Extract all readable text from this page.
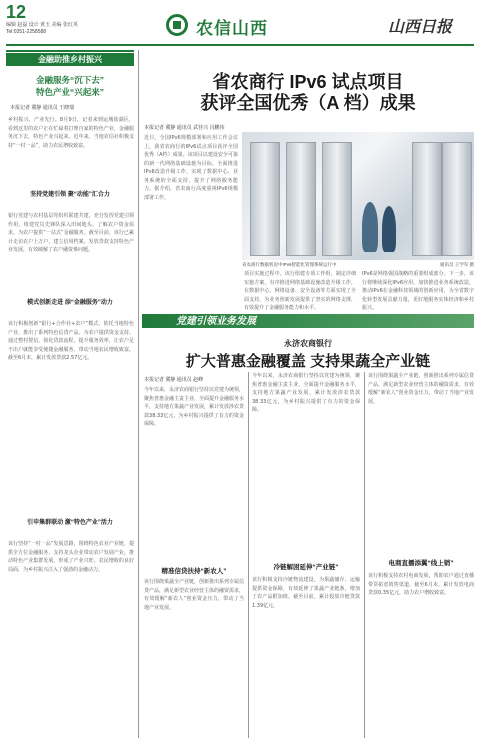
12
编辑 赵磊 设计 黄玉 美编 张红英
Tel:0351-2258588	农信山西	山西日报
金融助推乡村振兴
金融服务“沉下去”
特色产业“兴起来”
本报记者 冀静 通讯员 王晓瑞
乡村振兴，产业先行。8月9日，记者来到运城盐湖区，看到这里的农户正在忙碌着打理自家的特色产业，金融服务沉下去，特色产业兴起来。近年来，当地农信社积极支持“一村一品”，助力农民增收致富。
坚持党建引领 聚“动能”汇合力
银行党建与农村基层党组织联建共建，充分发挥党建引领作用，组建党员先锋队深入田间地头，了解农户资金需求，为农户提供“一站式”金融服务。截至目前，该行已累计走访农户上万户，建立信用档案，发放贷款支持特色产业发展，有效破解了农户融资难问题。
模式创新走进 添“金融服务”动力
该行积极创新“银行+合作社+农户”模式，依托当地特色产业，推出了系列特色信贷产品，为农户提供资金支持。通过整村授信，简化贷款流程，提升服务效率，让农户足不出户就能享受便捷金融服务，带动当地农民增收致富。截至6月末，累计发放贷款2.57亿元。
引申集群联动 激“特色产业”活力
该行坚持“一村一品”发展思路，围绕特色农业产业链，提供全方位金融服务，支持龙头企业带动农户发展产业，推动特色产业集群发展，形成了产业兴旺、农民增收的良好局面，为乡村振兴注入了强劲的金融动力。
省农商行 IPv6 试点项目
获评全国优秀（A 档）成果
本报记者 冀静 通讯员 武佳兴 闫鹏伟
近日，全国IPv6规模部署和应用工作会议上，我省农商行的IPv6试点项目获评全国优秀（A档）成果。该项目以建设安全可靠的新一代网络基础设施为目标，全面推进IPv6改造升级工作，实现了数据中心、业务系统的全面支持，提升了网络服务能力。据介绍，省农商行高度重视IPv6规模部署工作。
省农商行数据机房中IPv6智能化管理系统运行中	通讯员 王学军 摄
项目实施过程中，该行组建专项工作组，制定详细实施方案，有序推进网络基础设施改造升级工作，在数据中心、网络设备、安全设备等方面实现了全面支持，为业务创新发展提供了坚实的网络支撑，有效提升了金融服务能力和水平。
IPv6是网络强国战略的重要组成部分。下一步，该行将继续深化IPv6应用，加快推进业务系统改造，推动IPv6在金融科技领域的创新应用，为全省数字化转型发展贡献力量，更好地服务实体经济和乡村振兴。
党建引领业务发展
永济农商银行
扩大普惠金融覆盖 支持果蔬全产业链
本报记者 冀静 通讯员 赵峰
今年以来，永济农商银行坚持以党建为统领，聚焦普惠金融主责主业，全面提升金融服务水平，支持地方果蔬产业发展，累计发放涉农贷款38.33亿元，为乡村振兴提供了有力的资金保障。
精准信贷扶持“新农人”
该行围绕果蔬全产业链，创新推出系列专属信贷产品，满足新型农业经营主体的融资需求，有效缓解“新农人”创业资金压力，带动了当地产业发展。
今年以来，永济农商银行坚持以党建为统领，聚焦普惠金融主责主业，全面提升金融服务水平，支持地方果蔬产业发展，累计发放涉农贷款38.33亿元，为乡村振兴提供了有力的资金保障。
冷链解困延伸“产业链”
该行积极支持冷链物流建设，为果蔬储存、运输提供资金保障，有效延伸了果蔬产业链条，增加了农产品附加值。截至目前，累计投放冷链贷款1.39亿元。
该行围绕果蔬全产业链，创新推出系列专属信贷产品，满足新型农业经营主体的融资需求，有效缓解“新农人”创业资金压力，带动了当地产业发展。
电商直播添翼“线上销”
该行积极支持农村电商发展，帮助农户通过直播带货拓宽销售渠道，截至6月末，累计发放电商贷款0.35亿元，助力农户增收致富。
